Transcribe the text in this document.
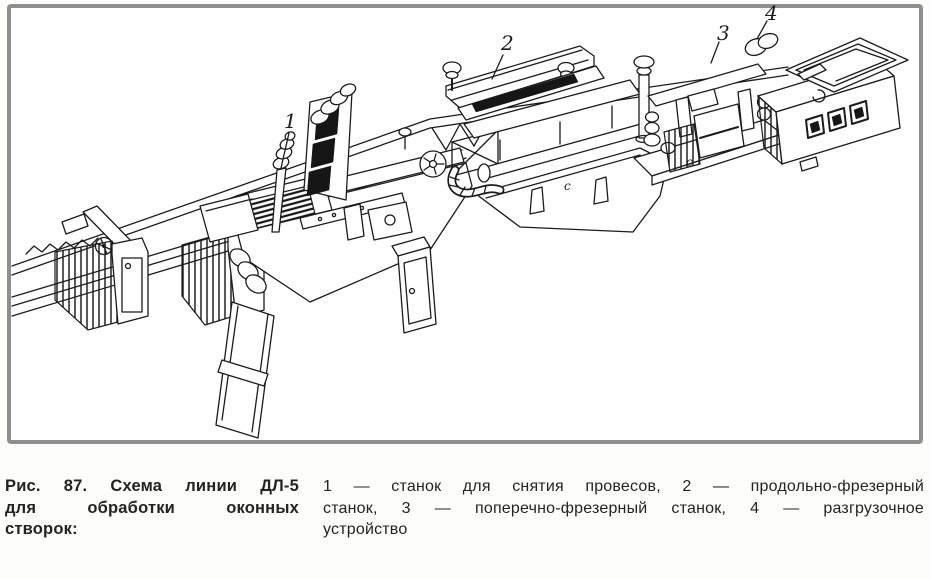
1
2	3
4
с
с
Рис. 87. Схема линии ДЛ-5
для обработки оконных
створок:
1 — станок для снятия провесов, 2 — продольно-фрезерный
станок, 3 — поперечно-фрезерный станок, 4 — разгрузочное
устройство
